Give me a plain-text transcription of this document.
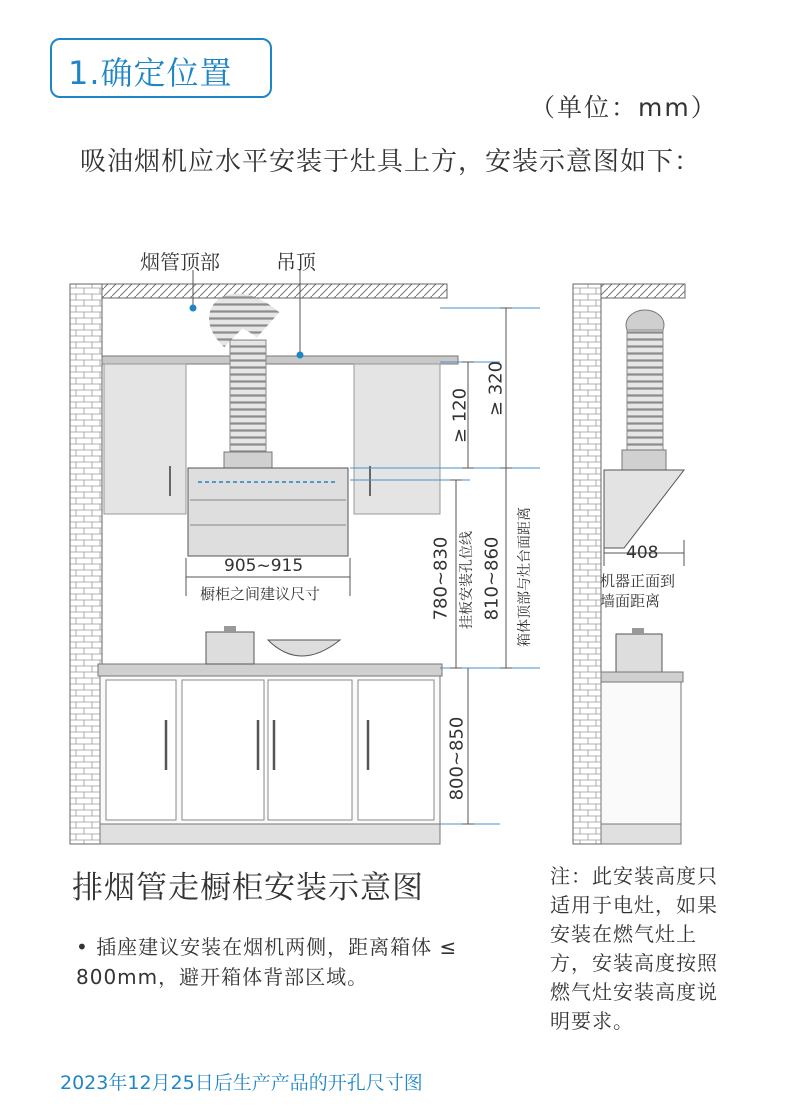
1.确定位置
（单位：mm）
吸油烟机应水平安装于灶具上方，安装示意图如下：
烟管顶部	吊顶
≥ 120 ≥ 320
905~915
橱柜之间建议尺寸	780~830 挂板安装孔位线 810~860 箱体顶部与灶台面距离
800~850
408
机器正面到
墙面距离
排烟管走橱柜安装示意图
• 插座建议安装在烟机两侧，距离箱体 ≤ 800mm，避开箱体背部区域。
注：此安装高度只适用于电灶，如果安装在燃气灶上方，安装高度按照燃气灶安装高度说明要求。
2023年12月25日后生产产品的开孔尺寸图
